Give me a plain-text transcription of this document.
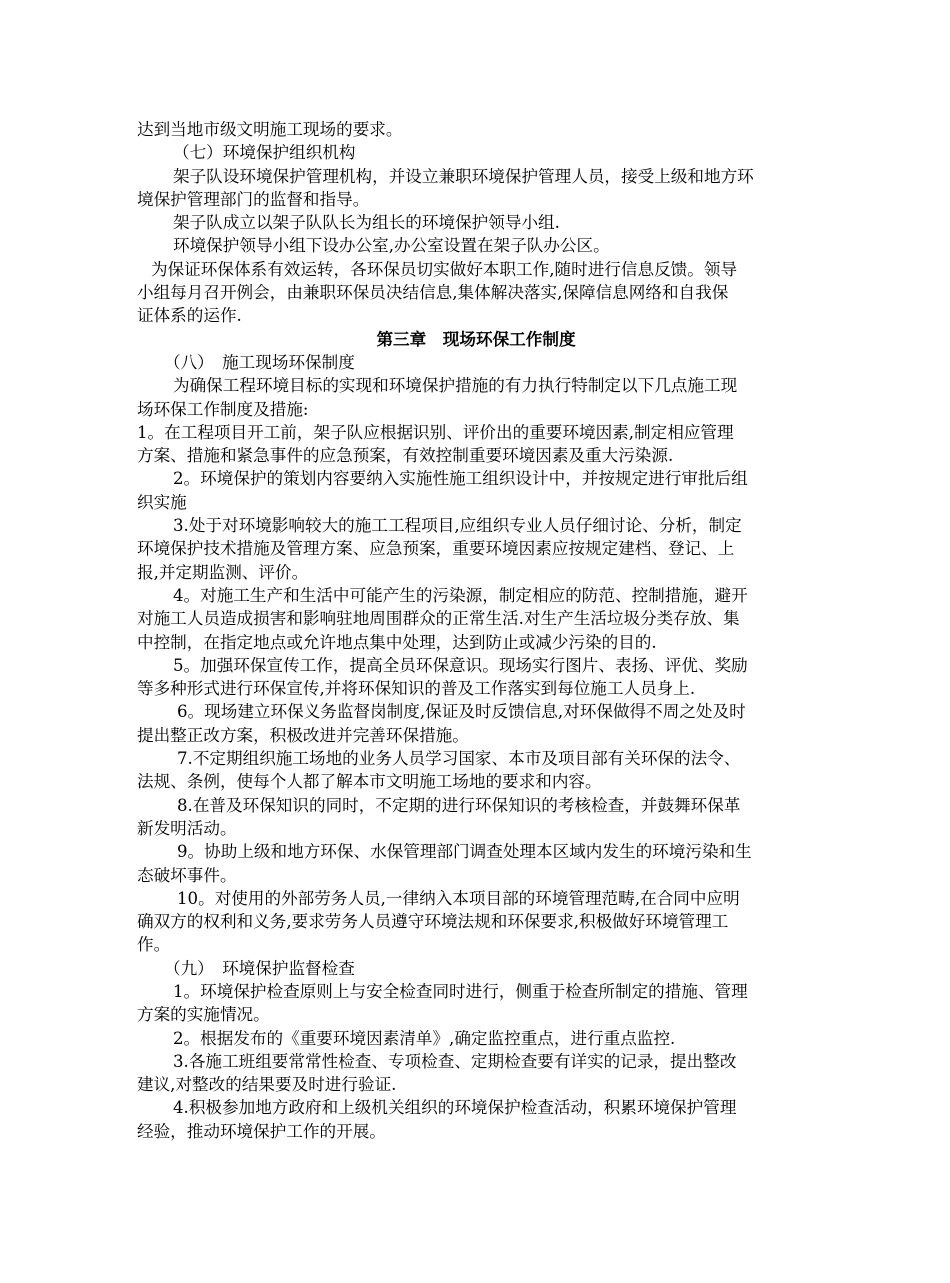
达到当地市级文明施工现场的要求。
（七）环境保护组织机构
架子队设环境保护管理机构，并设立兼职环境保护管理人员，接受上级和地方环
境保护管理部门的监督和指导。
架子队成立以架子队队长为组长的环境保护领导小组.
环境保护领导小组下设办公室,办公室设置在架子队办公区。
为保证环保体系有效运转，各环保员切实做好本职工作,随时进行信息反馈。领导
小组每月召开例会，由兼职环保员决结信息,集体解决落实,保障信息网络和自我保
证体系的运作.
第三章　现场环保工作制度
（八）　施工现场环保制度
为确保工程环境目标的实现和环境保护措施的有力执行特制定以下几点施工现
场环保工作制度及措施:
1。在工程项目开工前，架子队应根据识别、评价出的重要环境因素,制定相应管理
方案、措施和紧急事件的应急预案，有效控制重要环境因素及重大污染源.
2。环境保护的策划内容要纳入实施性施工组织设计中，并按规定进行审批后组
织实施
3.处于对环境影响较大的施工工程项目,应组织专业人员仔细讨论、分析，制定
环境保护技术措施及管理方案、应急预案，重要环境因素应按规定建档、登记、上
报,并定期监测、评价。
4。对施工生产和生活中可能产生的污染源，制定相应的防范、控制措施，避开
对施工人员造成损害和影响驻地周围群众的正常生活.对生产生活垃圾分类存放、集
中控制，在指定地点或允许地点集中处理，达到防止或减少污染的目的.
5。加强环保宣传工作，提高全员环保意识。现场实行图片、表扬、评优、奖励
等多种形式进行环保宣传,并将环保知识的普及工作落实到每位施工人员身上.
6。现场建立环保义务监督岗制度,保证及时反馈信息,对环保做得不周之处及时
提出整正改方案，积极改进并完善环保措施。
7.不定期组织施工场地的业务人员学习国家、本市及项目部有关环保的法令、
法规、条例，使每个人都了解本市文明施工场地的要求和内容。
8.在普及环保知识的同时，不定期的进行环保知识的考核检查，并鼓舞环保革
新发明活动。
9。协助上级和地方环保、水保管理部门调查处理本区域内发生的环境污染和生
态破坏事件。
10。对使用的外部劳务人员,一律纳入本项目部的环境管理范畴,在合同中应明
确双方的权利和义务,要求劳务人员遵守环境法规和环保要求,积极做好环境管理工
作。
（九）　环境保护监督检查
1。环境保护检查原则上与安全检查同时进行，侧重于检查所制定的措施、管理
方案的实施情况。
2。根据发布的《重要环境因素清单》,确定监控重点，进行重点监控.
3.各施工班组要常常性检查、专项检查、定期检查要有详实的记录，提出整改
建议,对整改的结果要及时进行验证.
4.积极参加地方政府和上级机关组织的环境保护检查活动，积累环境保护管理
经验，推动环境保护工作的开展。
